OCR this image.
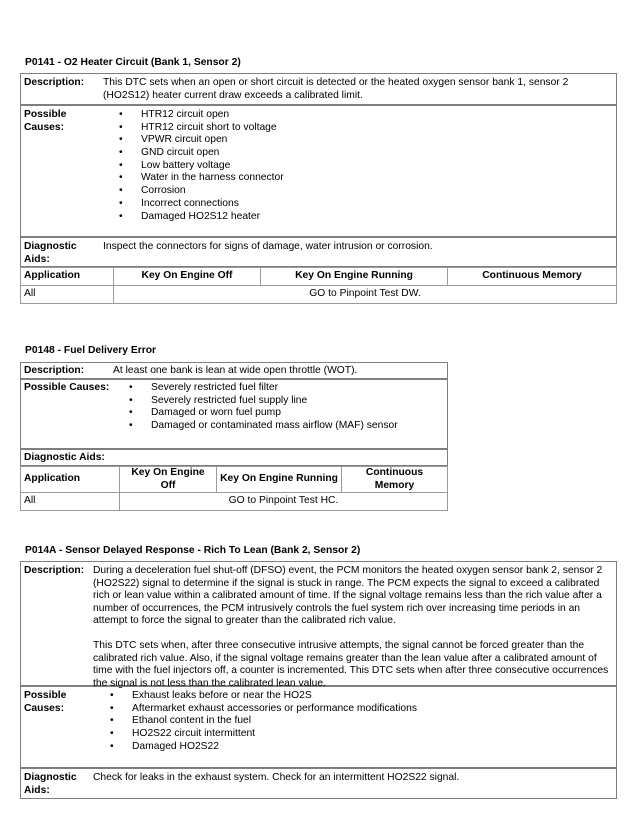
P0141 - O2 Heater Circuit (Bank 1, Sensor 2)
Description: This DTC sets when an open or short circuit is detected or the heated oxygen sensor bank 1, sensor 2
(HO2S12) heater current draw exceeds a calibrated limit.
Possible
Causes:
• HTR12 circuit open
• HTR12 circuit short to voltage
• VPWR circuit open
• GND circuit open
• Low battery voltage
• Water in the harness connector
• Corrosion
• Incorrect connections
• Damaged HO2S12 heater
Diagnostic
Aids:
Inspect the connectors for signs of damage, water intrusion or corrosion.
Application	Key On Engine Off	Key On Engine Running	Continuous Memory
All	GO to Pinpoint Test DW.		
P0148 - Fuel Delivery Error
Description:	At least one bank is lean at wide open throttle (WOT).
Possible Causes: • Severely restricted fuel filter
• Severely restricted fuel supply line
• Damaged or worn fuel pump
• Damaged or contaminated mass airflow (MAF) sensor
Diagnostic Aids:
Application	Key On Engine Off	Key On Engine Running	Continuous Memory
All	GO to Pinpoint Test HC.		
P014A - Sensor Delayed Response - Rich To Lean (Bank 2, Sensor 2)
Description: During a deceleration fuel shut-off (DFSO) event, the PCM monitors the heated oxygen sensor bank 2, sensor 2
(HO2S22) signal to determine if the signal is stuck in range. The PCM expects the signal to exceed a calibrated
rich or lean value within a calibrated amount of time. If the signal voltage remains less than the rich value after a
number of occurrences, the PCM intrusively controls the fuel system rich over increasing time periods in an
attempt to force the signal to greater than the calibrated rich value.

This DTC sets when, after three consecutive intrusive attempts, the signal cannot be forced greater than the
calibrated rich value. Also, if the signal voltage remains greater than the lean value after a calibrated amount of
time with the fuel injectors off, a counter is incremented. This DTC sets when after three consecutive occurrences
the signal is not less than the calibrated lean value.

Possible
Causes:
• Exhaust leaks before or near the HO2S
• Aftermarket exhaust accessories or performance modifications
• Ethanol content in the fuel
• HO2S22 circuit intermittent
• Damaged HO2S22
Diagnostic
Aids:
Check for leaks in the exhaust system. Check for an intermittent HO2S22 signal.
